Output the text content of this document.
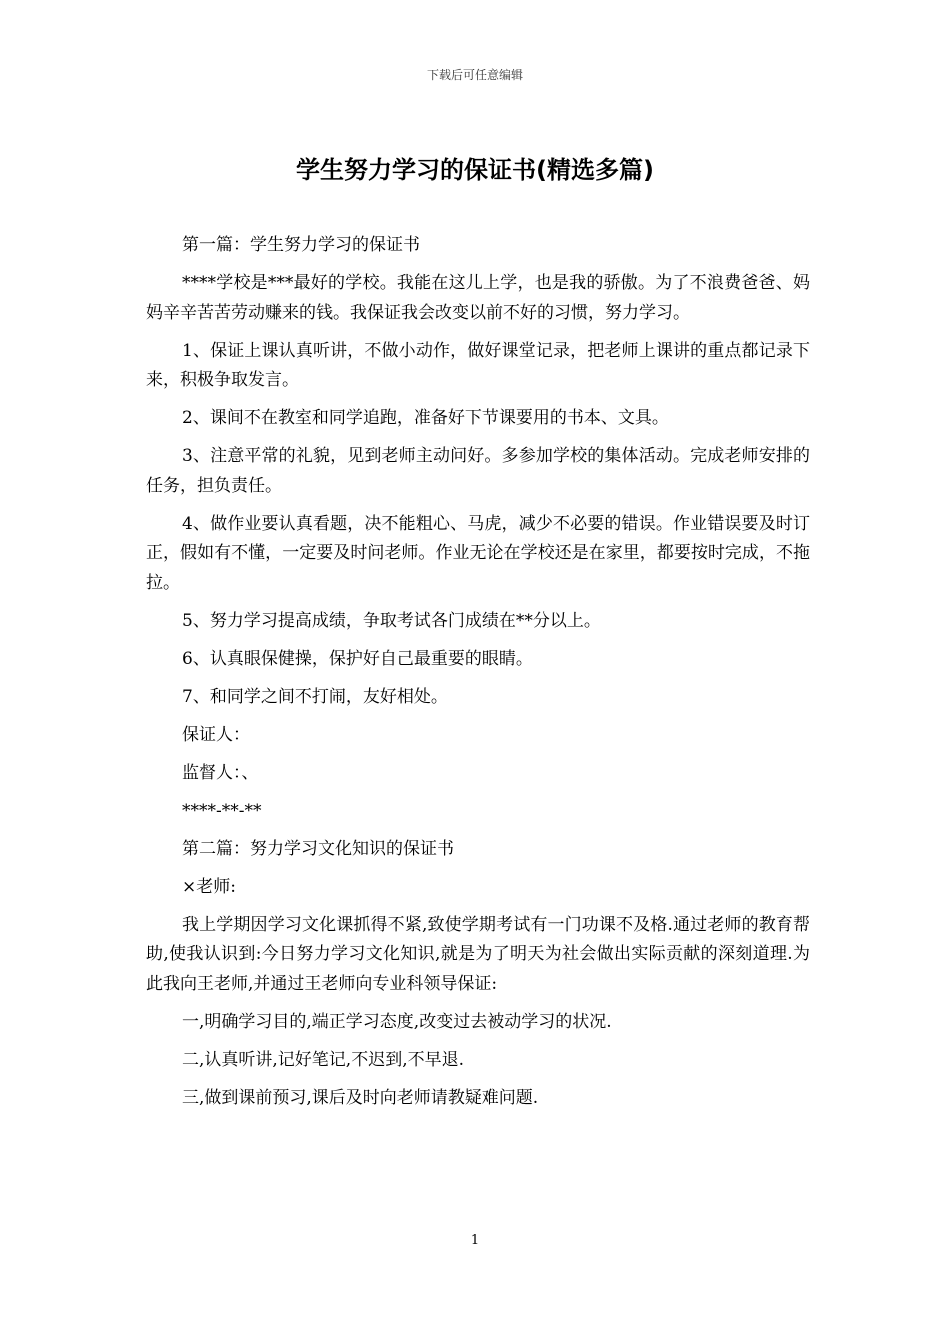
下载后可任意编辑
学生努力学习的保证书(精选多篇)

第一篇：学生努力学习的保证书

****学校是***最好的学校。我能在这儿上学，也是我的骄傲。为了不浪费爸爸、妈妈辛辛苦苦劳动赚来的钱。我保证我会改变以前不好的习惯，努力学习。

1、保证上课认真听讲，不做小动作，做好课堂记录，把老师上课讲的重点都记录下来，积极争取发言。

2、课间不在教室和同学追跑，准备好下节课要用的书本、文具。

3、注意平常的礼貌，见到老师主动问好。多参加学校的集体活动。完成老师安排的任务，担负责任。

4、做作业要认真看题，决不能粗心、马虎，减少不必要的错误。作业错误要及时订正，假如有不懂，一定要及时问老师。作业无论在学校还是在家里，都要按时完成，不拖拉。

5、努力学习提高成绩，争取考试各门成绩在**分以上。

6、认真眼保健操，保护好自己最重要的眼睛。

7、和同学之间不打闹，友好相处。

保证人：

监督人：、

****-**-**

第二篇：努力学习文化知识的保证书

×老师:

我上学期因学习文化课抓得不紧,致使学期考试有一门功课不及格.通过老师的教育帮助,使我认识到:今日努力学习文化知识,就是为了明天为社会做出实际贡献的深刻道理.为此我向王老师,并通过王老师向专业科领导保证:

一,明确学习目的,端正学习态度,改变过去被动学习的状况.

二,认真听讲,记好笔记,不迟到,不早退.

三,做到课前预习,课后及时向老师请教疑难问题.

1
